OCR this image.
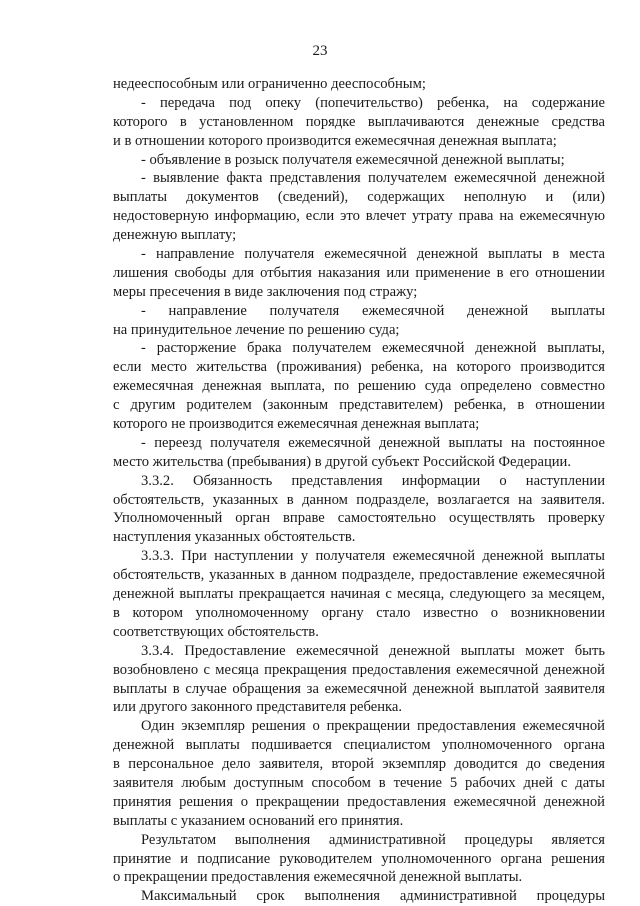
23
недееспособным или ограниченно дееспособным;
- передача под опеку (попечительство) ребенка, на содержание
которого в установленном порядке выплачиваются денежные средства
и в отношении которого производится ежемесячная денежная выплата;
- объявление в розыск получателя ежемесячной денежной выплаты;
- выявление факта представления получателем ежемесячной денежной
выплаты документов (сведений), содержащих неполную и (или)
недостоверную информацию, если это влечет утрату права на ежемесячную
денежную выплату;
- направление получателя ежемесячной денежной выплаты в места
лишения свободы для отбытия наказания или применение в его отношении
меры пресечения в виде заключения под стражу;
- направление получателя ежемесячной денежной выплаты
на принудительное лечение по решению суда;
- расторжение брака получателем ежемесячной денежной выплаты,
если место жительства (проживания) ребенка, на которого производится
ежемесячная денежная выплата, по решению суда определено совместно
с другим родителем (законным представителем) ребенка, в отношении
которого не производится ежемесячная денежная выплата;
- переезд получателя ежемесячной денежной выплаты на постоянное
место жительства (пребывания) в другой субъект Российской Федерации.
3.3.2. Обязанность представления информации о наступлении
обстоятельств, указанных в данном подразделе, возлагается на заявителя.
Уполномоченный орган вправе самостоятельно осуществлять проверку
наступления указанных обстоятельств.
3.3.3. При наступлении у получателя ежемесячной денежной выплаты
обстоятельств, указанных в данном подразделе, предоставление ежемесячной
денежной выплаты прекращается начиная с месяца, следующего за месяцем,
в котором уполномоченному органу стало известно о возникновении
соответствующих обстоятельств.
3.3.4. Предоставление ежемесячной денежной выплаты может быть
возобновлено с месяца прекращения предоставления ежемесячной денежной
выплаты в случае обращения за ежемесячной денежной выплатой заявителя
или другого законного представителя ребенка.
Один экземпляр решения о прекращении предоставления ежемесячной
денежной выплаты подшивается специалистом уполномоченного органа
в персональное дело заявителя, второй экземпляр доводится до сведения
заявителя любым доступным способом в течение 5 рабочих дней с даты
принятия решения о прекращении предоставления ежемесячной денежной
выплаты с указанием оснований его принятия.
Результатом выполнения административной процедуры является
принятие и подписание руководителем уполномоченного органа решения
о прекращении предоставления ежемесячной денежной выплаты.
Максимальный срок выполнения административной процедуры
